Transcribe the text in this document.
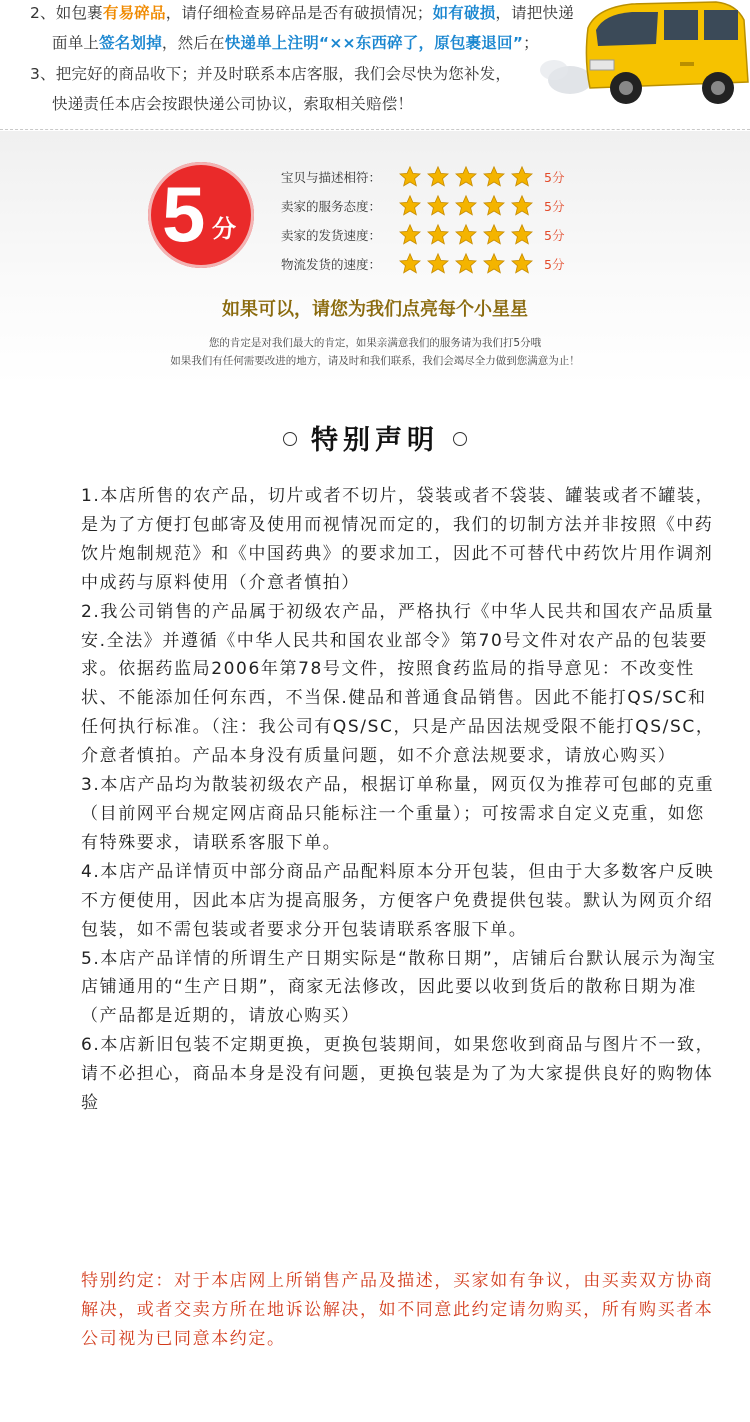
2、如包裹有易碎品，请仔细检查易碎品是否有破损情况；如有破损，请把快递
面单上签名划掉，然后在快递单上注明“××东西碎了，原包裹退回”；
3、把完好的商品收下；并及时联系本店客服，我们会尽快为您补发，
快递责任本店会按跟快递公司协议，索取相关赔偿！
5 分
宝贝与描述相符：	5分
卖家的服务态度：	5分
卖家的发货速度：	5分
物流发货的速度：	5分
如果可以，请您为我们点亮每个小星星
您的肯定是对我们最大的肯定，如果亲满意我们的服务请为我们打5分哦
如果我们有任何需要改进的地方，请及时和我们联系，我们会竭尽全力做到您满意为止！
特别声明

1.本店所售的农产品，切片或者不切片，袋装或者不袋装、罐装或者不罐装，是为了方便打包邮寄及使用而视情况而定的，我们的切制方法并非按照《中药饮片炮制规范》和《中国药典》的要求加工，因此不可替代中药饮片用作调剂中成药与原料使用（介意者慎拍）

2.我公司销售的产品属于初级农产品，严格执行《中华人民共和国农产品质量安.全法》并遵循《中华人民共和国农业部令》第70号文件对农产品的包装要求。依据药监局2006年第78号文件，按照食药监局的指导意见：不改变性状、不能添加任何东西，不当保.健品和普通食品销售。因此不能打QS/SC和任何执行标准。（注：我公司有QS/SC，只是产品因法规受限不能打QS/SC，介意者慎拍。产品本身没有质量问题，如不介意法规要求，请放心购买）

3.本店产品均为散装初级农产品，根据订单称量，网页仅为推荐可包邮的克重（目前网平台规定网店商品只能标注一个重量）；可按需求自定义克重，如您有特殊要求，请联系客服下单。

4.本店产品详情页中部分商品产品配料原本分开包装，但由于大多数客户反映不方便使用，因此本店为提高服务，方便客户免费提供包装。默认为网页介绍包装，如不需包装或者要求分开包装请联系客服下单。

5.本店产品详情的所谓生产日期实际是“散称日期”，店铺后台默认展示为淘宝店铺通用的“生产日期”，商家无法修改，因此要以收到货后的散称日期为准（产品都是近期的，请放心购买）

6.本店新旧包装不定期更换，更换包装期间，如果您收到商品与图片不一致，请不必担心，商品本身是没有问题，更换包装是为了为大家提供良好的购物体验

特别约定：对于本店网上所销售产品及描述，买家如有争议，由买卖双方协商解决，或者交卖方所在地诉讼解决，如不同意此约定请勿购买，所有购买者本公司视为已同意本约定。
